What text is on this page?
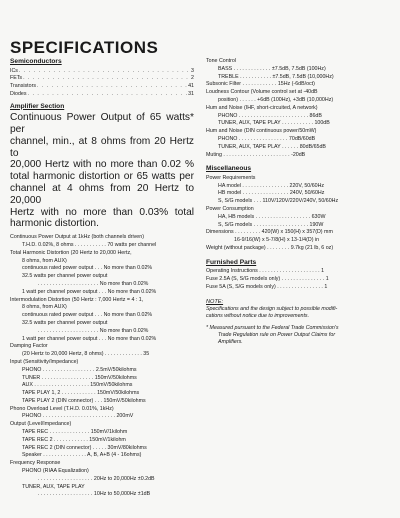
SPECIFICATIONS
Semiconductors
ICs . . .	3
FETs . . .	2
Transistors . . .	41
Diodes . . .	31
Amplifier Section

Continuous Power Output of 65 watts* per

channel, min., at 8 ohms from 20 Hertz to

20,000 Hertz with no more than 0.02 %

total harmonic distortion or 65 watts per

channel at 4 ohms from 20 Hertz to 20,000

Hertz with no more than 0.03% total

harmonic distortion.

Continuous Power Output at 1kHz (both channels driven)
T.H.D. 0.02%, 8 ohms . . . . . . . . . . . 70 watts per channel
Total Harmonic Distortion (20 Hertz to 20,000 Hertz,
8 ohms, from AUX)
continuous rated power output . . . No more than 0.02%
32.5 watts per channel power output
. . . . . . . . . . . . . . . . . . . . . No more than 0.02%
1 watt per channel power output . . . No more than 0.02%
Intermodulation Distortion (50 Hertz : 7,000 Hertz = 4 : 1,
8 ohms, from AUX)
continuous rated power output . . . No more than 0.02%
32.5 watts per channel power output
. . . . . . . . . . . . . . . . . . . . . No more than 0.02%
1 watt per channel power output . . . No more than 0.02%
Damping Factor
(20 Hertz to 20,000 Hertz, 8 ohms) . . . . . . . . . . . . . 35
Input (Sensitivity/Impedance)
PHONO . . . . . . . . . . . . . . . . . . 2.5mV/50kilohms
TUNER . . . . . . . . . . . . . . . . . . 150mV/50kilohms
AUX . . . . . . . . . . . . . . . . . . . 150mV/50kilohms
TAPE PLAY 1, 2 . . . . . . . . . . . . 150mV/50kilohms
TAPE PLAY 2 (DIN connector) . . . 150mV/50kilohms
Phono Overload Level (T.H.D. 0.01%, 1kHz)
PHONO . . . . . . . . . . . . . . . . . . . . . . . . . 200mV
Output (Level/Impedance)
TAPE REC . . . . . . . . . . . . . . 150mV/1kilohm
TAPE REC 2 . . . . . . . . . . . . 150mV/1kilohm
TAPE REC 2 (DIN connector) . . . . . 30mV/80kilohms
Speaker . . . . . . . . . . . . . . . A, B, A+B (4 - 16ohms)
Frequency Response
PHONO (RIAA Equalization)
. . . . . . . . . . . . . . . . . . . 20Hz to 20,000Hz ±0.2dB
TUNER, AUX, TAPE PLAY
. . . . . . . . . . . . . . . . . . . 10Hz to 50,000Hz ±1dB
Tone Control
BASS . . . . . . . . . . . . . ±7.5dB, 7.5dB (100Hz)
TREBLE . . . . . . . . . . . ±7.5dB, 7.5dB (10,000Hz)
Subsonic Filter . . . . . . . . . . . . 15Hz (-6dB/oct)
Loudness Contour (Volume control set at -40dB
position) . . . . . . +6dB (100Hz), +3dB (10,000Hz)
Hum and Noise (IHF, short-circuited, A network)
PHONO . . . . . . . . . . . . . . . . . . . . . . . . 86dB
TUNER, AUX, TAPE PLAY . . . . . . . . . . . 100dB
Hum and Noise (DIN continuous power/50mW)
PHONO . . . . . . . . . . . . . . . . . 70dB/60dB
TUNER, AUX, TAPE PLAY . . . . . . 80dB/65dB
Muting . . . . . . . . . . . . . . . . . . . . . . . -20dB
Miscellaneous
Power Requirements
HA model . . . . . . . . . . . . . . . . 220V, 50/60Hz
HB model . . . . . . . . . . . . . . . . 240V, 50/60Hz
S, S/G models . . . 110V/120V/220V/240V, 50/60Hz
Power Consumption
HA, HB models . . . . . . . . . . . . . . . . . . . 630W
S, S/G models . . . . . . . . . . . . . . . . . . . 190W
Dimensions . . . . . . . . . 420(W) x 150(H) x 357(D) mm
16-9/16(W) x 5-7/8(H) x 13-1/4(D) in
Weight (without package) . . . . . . . . 9.7kg (21 lb, 6 oz)
Furnished Parts
Operating Instructions . . . . . . . . . . . . . . . . . . . . . 1
Fuse 2.5A (S, S/G models only) . . . . . . . . . . . . . . . 1
Fuse 5A (S, S/G models only) . . . . . . . . . . . . . . . . 1
NOTE:
Specifications and the design subject to possible modifi-
cations without notice due to improvements.
* Measured pursuant to the Federal Trade Commission's
Trade Regulation rule on Power Output Claims for
Amplifiers.
